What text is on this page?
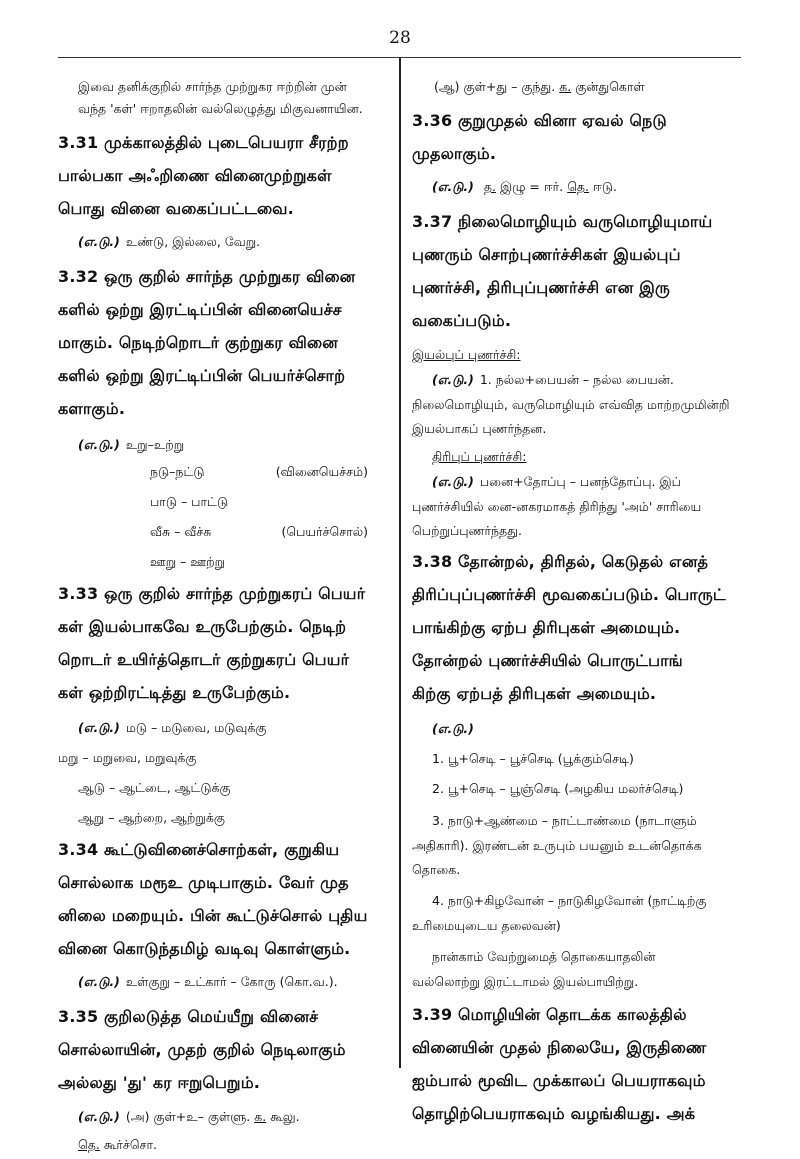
28

இவை தனிக்குறில் சார்ந்த முற்றுகர ஈற்றின் முன்

வந்த 'கள்' ஈறாதலின் வல்லெழுத்து மிகுவனாயின.

3.31 முக்காலத்தில் புடைபெயரா சீரற்ற

பால்பகா அஃறிணை வினைமுற்றுகள்

பொது வினை வகைப்பட்டவை.

(எ.டு.) உண்டு, இல்லை, வேறு.

3.32 ஒரு குறில் சார்ந்த முற்றுகர வினை

களில் ஒற்று இரட்டிப்பின் வினையெச்ச

மாகும். நெடிற்றொடர் குற்றுகர வினை

களில் ஒற்று இரட்டிப்பின் பெயர்ச்சொற்

களாகும்.

(எ.டு.) உறு–உற்று

நடு–நட்டு	(வினையெச்சம்)

பாடு – பாட்டு

வீசு – வீச்சு	(பெயர்ச்சொல்)

ஊறு – ஊற்று

3.33 ஒரு குறில் சார்ந்த முற்றுகரப் பெயர்

கள் இயல்பாகவே உருபேற்கும். நெடிற்

றொடர் உயிர்த்தொடர் குற்றுகரப் பெயர்

கள் ஒற்றிரட்டித்து உருபேற்கும்.

(எ.டு.) மடு – மடுவை, மடுவுக்கு

மறு – மறுவை, மறுவுக்கு

ஆடு – ஆட்டை, ஆட்டுக்கு

ஆறு – ஆற்றை, ஆற்றுக்கு

3.34 கூட்டுவினைச்சொற்கள், குறுகிய

சொல்லாக மரூஉ முடிபாகும். வேர் முத

னிலை மறையும். பின் கூட்டுச்சொல் புதிய

வினை கொடுந்தமிழ் வடிவு கொள்ளும்.

(எ.டு.) உள்குறு – உட்கார் – கோரு (கொ.வ.).

3.35 குறிலடுத்த மெய்யீறு வினைச்

சொல்லாயின், முதற் குறில் நெடிலாகும்

அல்லது 'து' கர ஈறுபெறும்.

(எ.டு.) (அ) குள்+உ– குள்ளு. க. கூலு.

தெ. கூர்ச்சொ.

(ஆ) குள்+து – குந்து. க. குன்துகொள்

3.36 குறுமுதல் வினா ஏவல் நெடு

முதலாகும்.

(எ.டு.) த. இழு = ஈர். தெ. ஈடு.

3.37 நிலைமொழியும் வருமொழியுமாய்

புணரும் சொற்புணர்ச்சிகள் இயல்புப்

புணர்ச்சி, திரிபுப்புணர்ச்சி என இரு

வகைப்படும்.

இயல்புப் புணர்ச்சி:

(எ.டு.) 1. நல்ல+பையன் – நல்ல பையன்.

நிலைமொழியும், வருமொழியும் எவ்வித மாற்றமுமின்றி

இயல்பாகப் புணர்ந்தன.

திரிபுப் புணர்ச்சி:

(எ.டு.) பனை+தோப்பு – பனந்தோப்பு. இப்

புணர்ச்சியில் னை-னகரமாகத் திரிந்து 'அம்' சாரியை

பெற்றுப்புணர்ந்தது.

3.38 தோன்றல், திரிதல், கெடுதல் எனத்

திரிப்புப்புணர்ச்சி மூவகைப்படும். பொருட்

பாங்கிற்கு ஏற்ப திரிபுகள் அமையும்.

தோன்றல் புணர்ச்சியில் பொருட்பாங்

கிற்கு ஏற்பத் திரிபுகள் அமையும்.

(எ.டு.)

1. பூ+செடி – பூச்செடி (பூக்கும்செடி)

2. பூ+செடி – பூஞ்செடி (அழகிய மலர்ச்செடி)

3. நாடு+ஆண்மை – நாட்டாண்மை (நாடாளும்

அதிகாரி). இரண்டன் உருபும் பயனும் உடன்தொக்க

தொகை.

4. நாடு+கிழவோன் – நாடுகிழவோன் (நாட்டிற்கு

உரிமையுடைய தலைவன்)

நான்காம் வேற்றுமைத் தொகையாதலின்

வல்லொற்று இரட்டாமல் இயல்பாயிற்று.

3.39 மொழியின் தொடக்க காலத்தில்

வினையின் முதல் நிலையே, இருதிணை

ஐம்பால் மூவிட முக்காலப் பெயராகவும்

தொழிற்பெயராகவும் வழங்கியது. அக்
